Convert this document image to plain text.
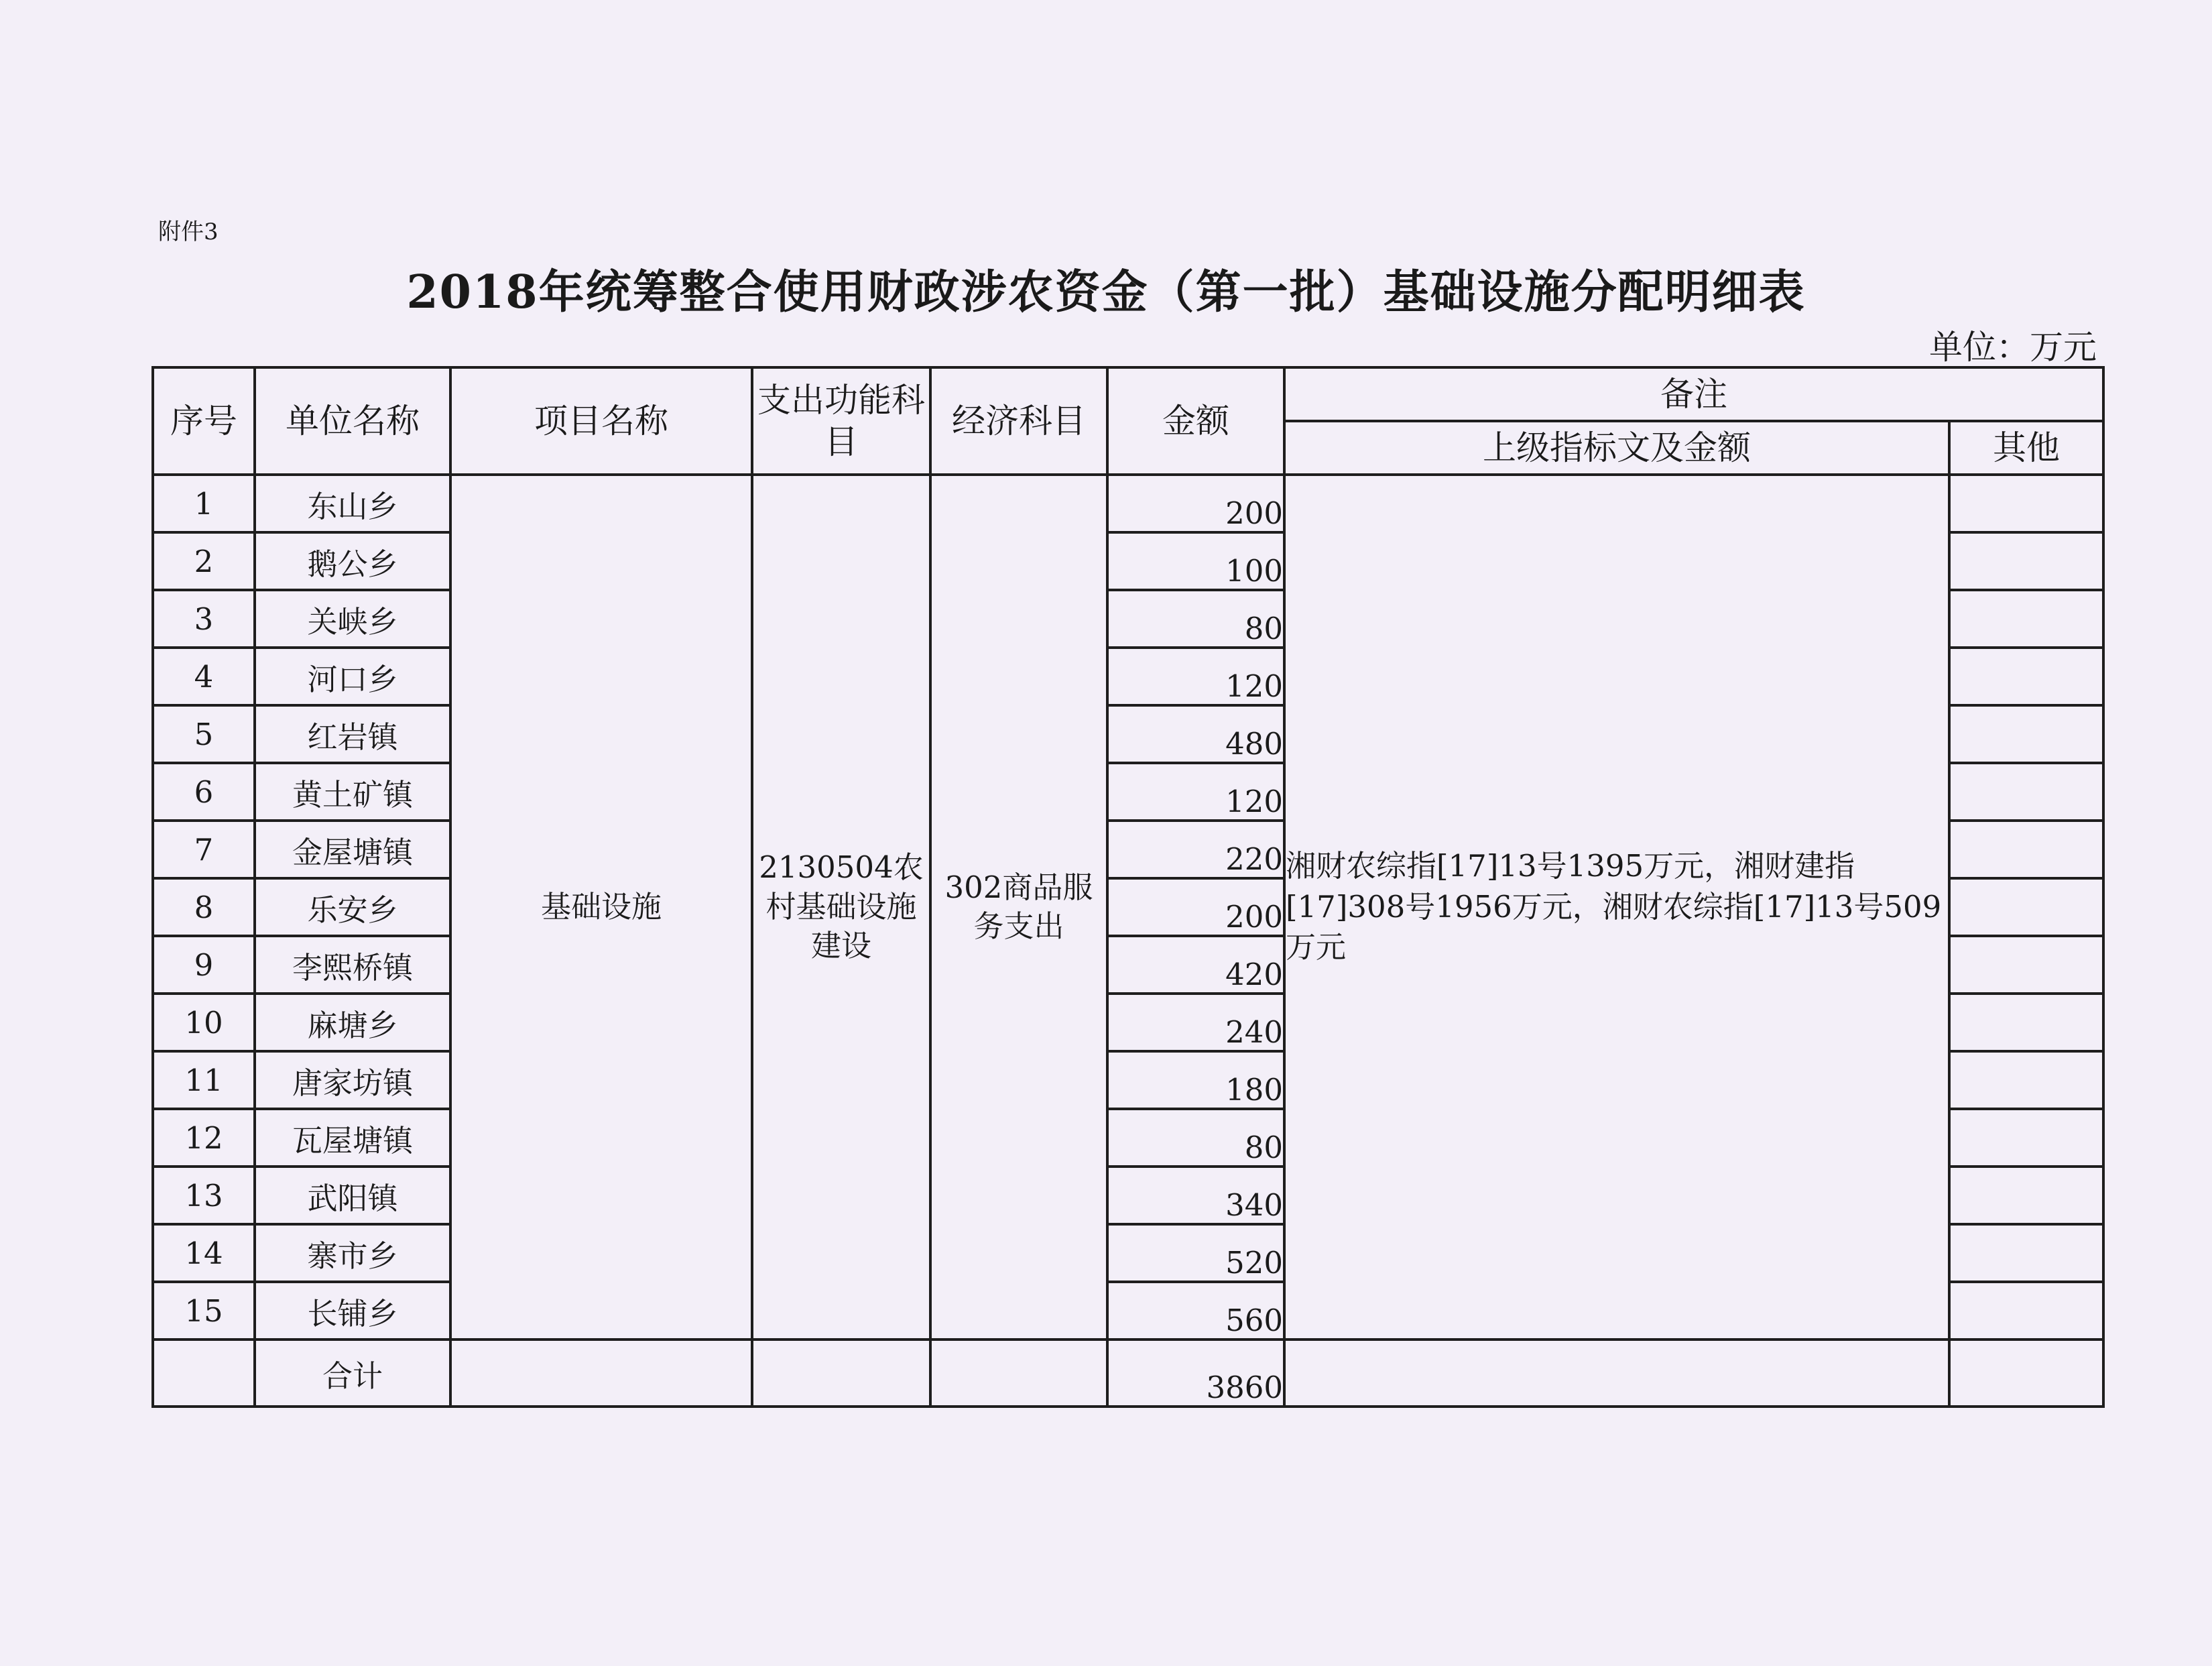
附件3
2018年统筹整合使用财政涉农资金（第一批）基础设施分配明细表
单位：万元
序号	单位名称	项目名称	支出功能科目	经济科目	金额	备注	
						上级指标文及金额	其他
1	东山乡	基础设施	2130504农村基础设施建设	302商品服务支出	200	湘财农综指[17]13号1395万元，湘财建指[17]308号1956万元，湘财农综指[17]13号509万元	
2	鹅公乡				100		
3	关峡乡				80		
4	河口乡				120		
5	红岩镇				480		
6	黄土矿镇				120		
7	金屋塘镇				220		
8	乐安乡				200		
9	李熙桥镇				420		
10	麻塘乡				240		
11	唐家坊镇				180		
12	瓦屋塘镇				80		
13	武阳镇				340		
14	寨市乡				520		
15	长铺乡				560		
	合计				3860		
